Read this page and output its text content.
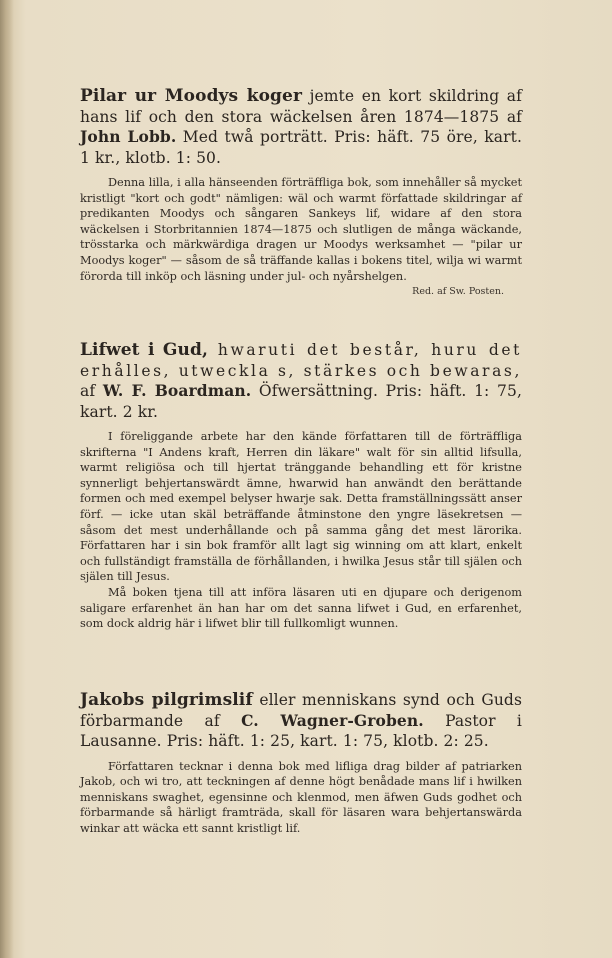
Pilar ur Moodys koger jemte en kort skildring af hans lif och den stora wäckelsen åren 1874—1875 af John Lobb. Med twå porträtt. Pris: häft. 75 öre, kart. 1 kr., klotb. 1: 50.

Denna lilla, i alla hänseenden förträffliga bok, som innehåller så mycket kristligt "kort och godt" nämligen: wäl och warmt författade skildringar af predikanten Moodys och sångaren Sankeys lif, widare af den stora wäckelsen i Storbritannien 1874—1875 och slutligen de många wäckande, trösstarka och märkwärdiga dragen ur Moodys werksamhet — "pilar ur Moodys koger" — såsom de så träffande kallas i bokens titel, wilja wi warmt förorda till inköp och läsning under jul- och nyårshelgen.

Red. af Sw. Posten.

Lifwet i Gud, hwaruti det består, huru det erhålles, utweckla s, stärkes och bewaras, af W. F. Boardman. Öfwersättning. Pris: häft. 1: 75, kart. 2 kr.

I föreliggande arbete har den kände författaren till de förträffliga skrifterna "I Andens kraft, Herren din läkare" walt för sin alltid lifsulla, warmt religiösa och till hjertat tränggande behandling ett för kristne synnerligt behjertanswärdt ämne, hwarwid han anwändt den berättande formen och med exempel belyser hwarje sak. Detta framställningssätt anser förf. — icke utan skäl beträffande åtminstone den yngre läsekretsen — såsom det mest underhållande och på samma gång det mest lärorika. Författaren har i sin bok framför allt lagt sig winning om att klart, enkelt och fullständigt framställa de förhållanden, i hwilka Jesus står till själen och själen till Jesus.

Må boken tjena till att införa läsaren uti en djupare och derigenom saligare erfarenhet än han har om det sanna lifwet i Gud, en erfarenhet, som dock aldrig här i lifwet blir till fullkomligt wunnen.

Jakobs pilgrimslif eller menniskans synd och Guds förbarmande af C. Wagner-Groben. Pastor i Lausanne. Pris: häft. 1: 25, kart. 1: 75, klotb. 2: 25.

Författaren tecknar i denna bok med lifliga drag bilder af patriarken Jakob, och wi tro, att teckningen af denne högt benådade mans lif i hwilken menniskans swaghet, egensinne och klenmod, men äfwen Guds godhet och förbarmande så härligt framträda, skall för läsaren wara behjertanswärda winkar att wäcka ett sannt kristligt lif.
